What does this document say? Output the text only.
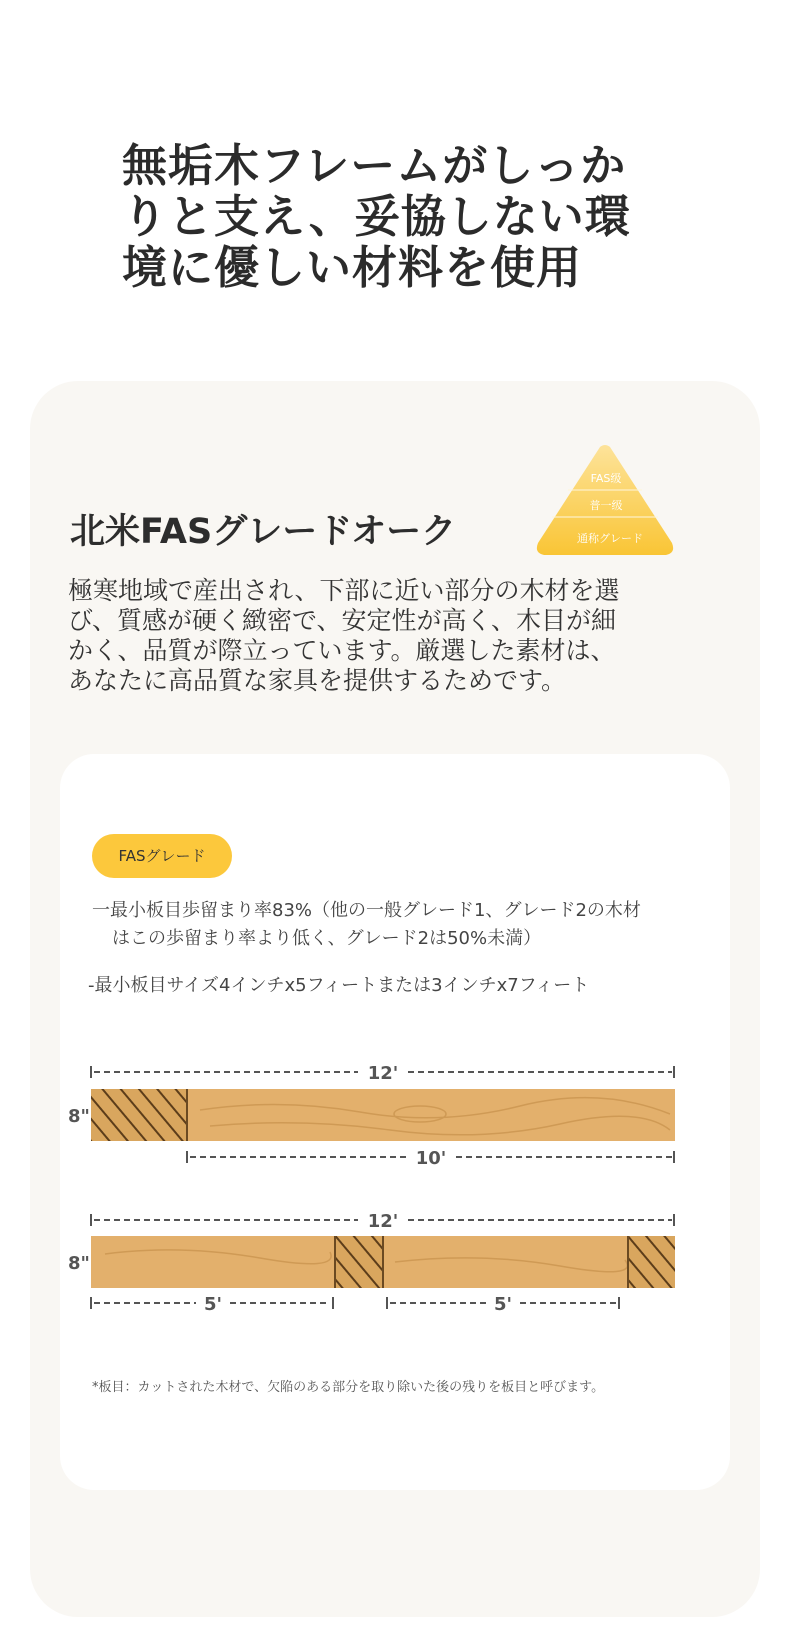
無垢木フレームがしっか
りと支え、妥協しない環
境に優しい材料を使用
北米FASグレードオーク
FAS级
普一级
通称グレード
極寒地域で産出され、下部に近い部分の木材を選
び、質感が硬く緻密で、安定性が高く、木目が細
かく、品質が際立っています。厳選した素材は、
あなたに高品質な家具を提供するためです。
FASグレード
一最小板目歩留まり率83%（他の一般グレード1、グレード2の木材
はこの歩留まり率より低く、グレード2は50%未満）
-最小板目サイズ4インチx5フィートまたは3インチx7フィート
12'
8"
10'
12'
8"
5'	5'
*板目：カットされた木材で、欠陥のある部分を取り除いた後の残りを板目と呼びます。
